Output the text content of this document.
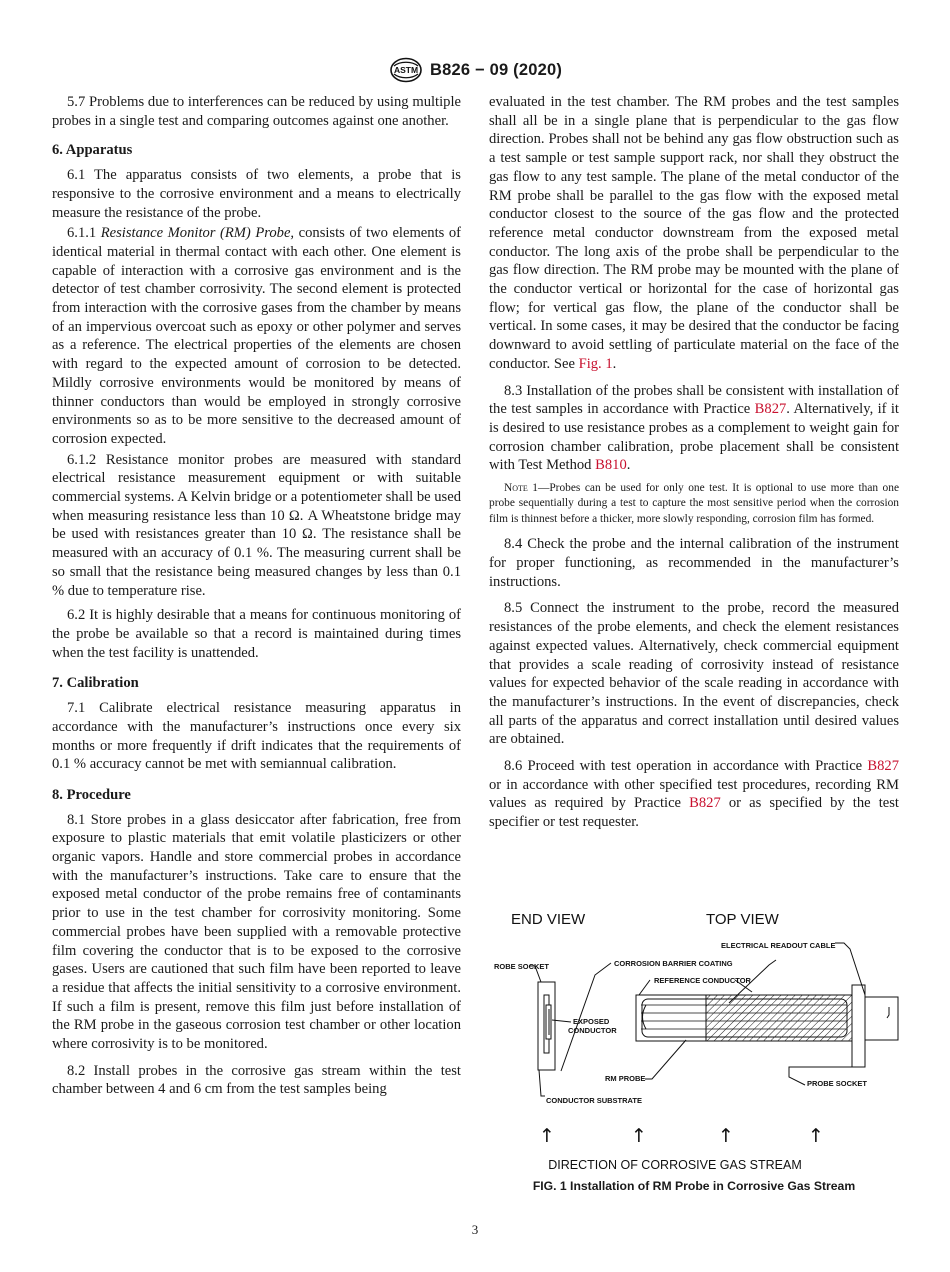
ASTM B826 − 09 (2020)

5.7 Problems due to interferences can be reduced by using multiple probes in a single test and comparing outcomes against one another.

6. Apparatus

6.1 The apparatus consists of two elements, a probe that is responsive to the corrosive environment and a means to electrically measure the resistance of the probe.

6.1.1 Resistance Monitor (RM) Probe, consists of two elements of identical material in thermal contact with each other. One element is capable of interaction with a corrosive gas environment and is the detector of test chamber corrosivity. The second element is protected from interaction with the corrosive gases from the chamber by means of an impervious overcoat such as epoxy or other polymer and serves as a reference. The electrical properties of the elements are chosen with regard to the expected amount of corrosion to be detected. Mildly corrosive environments would be monitored by means of thinner conductors than would be employed in strongly corrosive environments so as to be more sensitive to the decreased amount of corrosion expected.

6.1.2 Resistance monitor probes are measured with standard electrical resistance measurement equipment or with suitable commercial systems. A Kelvin bridge or a potentiometer shall be used when measuring resistance less than 10 Ω. A Wheatstone bridge may be used with resistances greater than 10 Ω. The resistance shall be measured with an accuracy of 0.1 %. The measuring current shall be so small that the resistance being measured changes by less than 0.1 % due to temperature rise.

6.2 It is highly desirable that a means for continuous monitoring of the probe be available so that a record is maintained during times when the test facility is unattended.

7. Calibration

7.1 Calibrate electrical resistance measuring apparatus in accordance with the manufacturer’s instructions once every six months or more frequently if drift indicates that the requirements of 0.1 % accuracy cannot be met with semiannual calibration.

8. Procedure

8.1 Store probes in a glass desiccator after fabrication, free from exposure to plastic materials that emit volatile plasticizers or other organic vapors. Handle and store commercial probes in accordance with the manufacturer’s instructions. Take care to ensure that the exposed metal conductor of the probe remains free of contaminants prior to use in the test chamber for corrosivity monitoring. Some commercial probes have been supplied with a removable protective film covering the conductor that is to be exposed to the corrosive gases. Users are cautioned that such film have been reported to leave a residue that affects the initial sensitivity to a corrosive environment. If such a film is present, remove this film just before installation of the RM probe in the gaseous corrosion test chamber or other location where corrosivity is to be monitored.

8.2 Install probes in the corrosive gas stream within the test chamber between 4 and 6 cm from the test samples being

evaluated in the test chamber. The RM probes and the test samples shall all be in a single plane that is perpendicular to the gas flow direction. Probes shall not be behind any gas flow obstruction such as a test sample or test sample support rack, nor shall they obstruct the gas flow to any test sample. The plane of the metal conductor of the RM probe shall be parallel to the gas flow with the exposed metal conductor closest to the source of the gas flow and the protected reference metal conductor downstream from the exposed metal conductor. The long axis of the probe shall be perpendicular to the gas flow direction. The RM probe may be mounted with the plane of the conductor vertical or horizontal for the case of horizontal gas flow; for vertical gas flow, the plane of the conductor shall be vertical. In some cases, it may be desired that the conductor be facing downward to avoid settling of particulate material on the face of the conductor. See Fig. 1.

8.3 Installation of the probes shall be consistent with installation of the test samples in accordance with Practice B827. Alternatively, if it is desired to use resistance probes as a complement to weight gain for corrosion chamber calibration, probe placement shall be consistent with Test Method B810.

Note 1—Probes can be used for only one test. It is optional to use more than one probe sequentially during a test to capture the most sensitive period when the corrosion film is thinnest before a thicker, more slowly responding, corrosion film has formed.

8.4 Check the probe and the internal calibration of the instrument for proper functioning, as recommended in the manufacturer’s instructions.

8.5 Connect the instrument to the probe, record the measured resistances of the probe elements, and check the element resistances against expected values. Alternatively, check commercial equipment that provides a scale reading of corrosivity instead of resistance values for expected behavior of the scale reading in accordance with the manufacturer’s instructions. In the event of discrepancies, check all parts of the apparatus and correct installation until desired values are obtained.

8.6 Proceed with test operation in accordance with Practice B827 or in accordance with other specified test procedures, recording RM values as required by Practice B827 or as specified by the test specifier or test requester.

END VIEW	TOP VIEW
ELECTRICAL READOUT CABLE
ROBE SOCKET	CORROSION BARRIER COATING
REFERENCE CONDUCTOR
EXPOSED
CONDUCTOR
RM PROBE
PROBE SOCKET
CONDUCTOR SUBSTRATE
↑	↑	↑	↑
DIRECTION OF CORROSIVE GAS STREAM
FIG. 1 Installation of RM Probe in Corrosive Gas Stream
3
